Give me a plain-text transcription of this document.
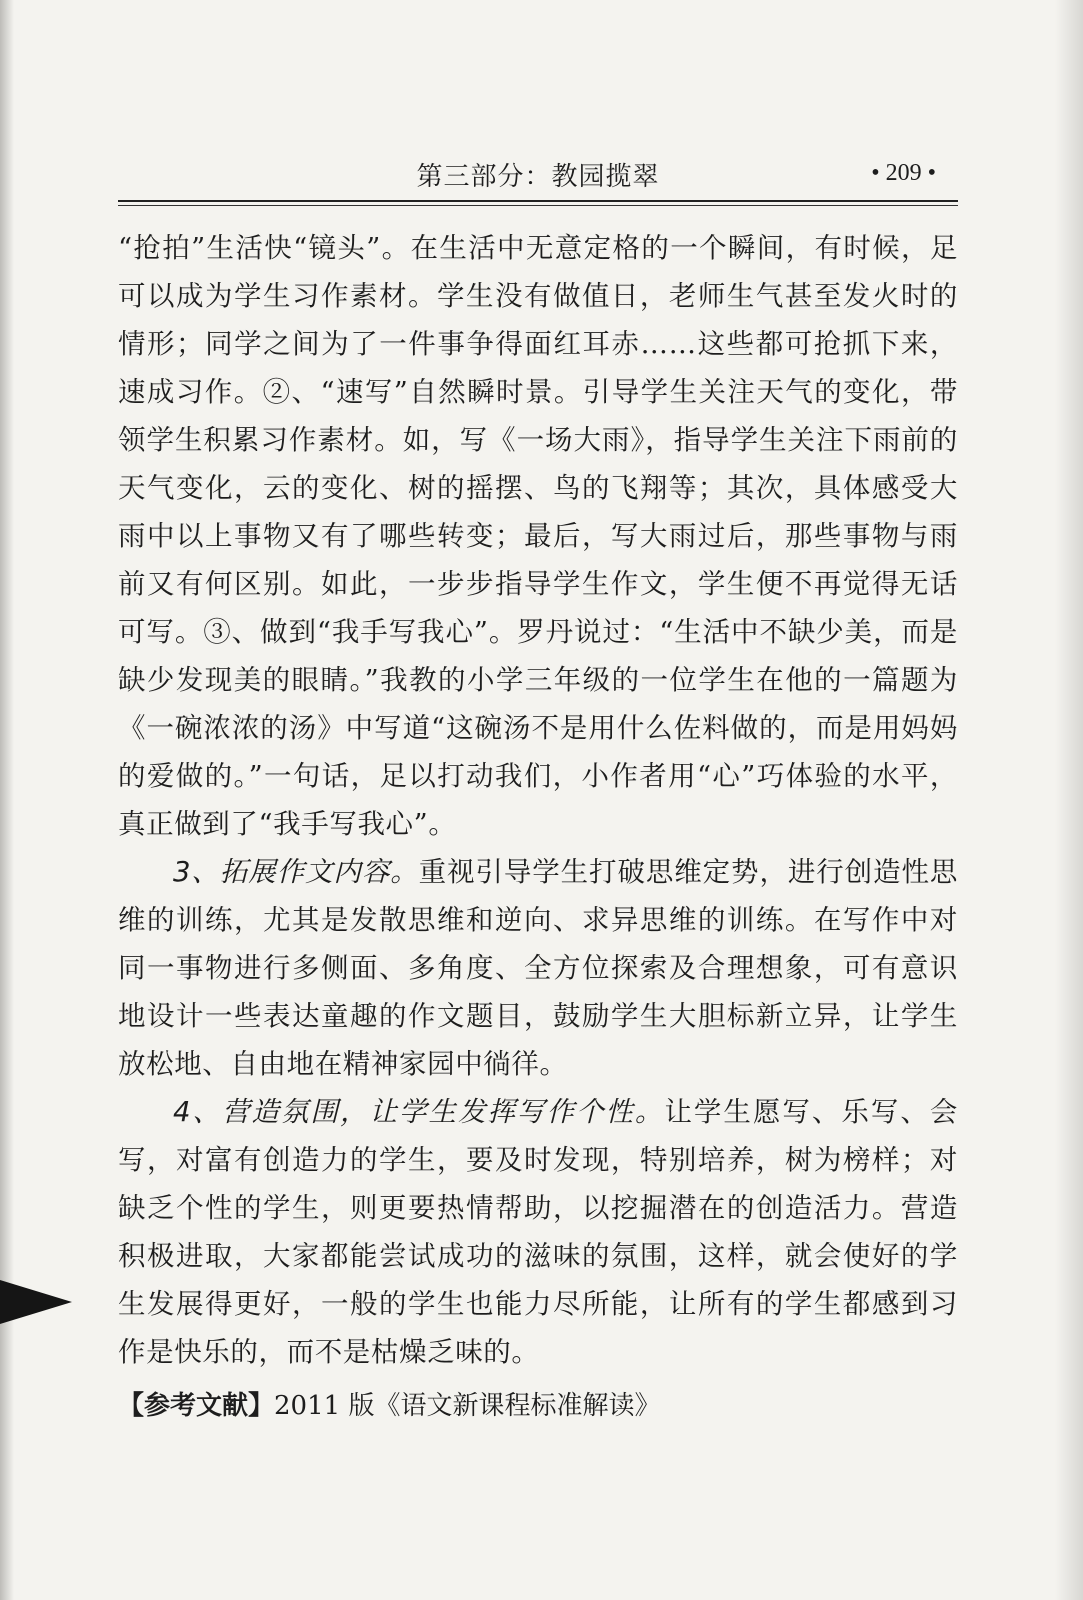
第三部分：教园揽翠	• 209 •

“抢拍”生活快“镜头”。在生活中无意定格的一个瞬间，有时候，足可以成为学生习作素材。学生没有做值日，老师生气甚至发火时的情形；同学之间为了一件事争得面红耳赤……这些都可抢抓下来，速成习作。②、“速写”自然瞬时景。引导学生关注天气的变化，带领学生积累习作素材。如，写《一场大雨》，指导学生关注下雨前的天气变化，云的变化、树的摇摆、鸟的飞翔等；其次，具体感受大雨中以上事物又有了哪些转变；最后，写大雨过后，那些事物与雨前又有何区别。如此，一步步指导学生作文，学生便不再觉得无话可写。③、做到“我手写我心”。罗丹说过：“生活中不缺少美，而是缺少发现美的眼睛。”我教的小学三年级的一位学生在他的一篇题为《一碗浓浓的汤》中写道“这碗汤不是用什么佐料做的，而是用妈妈的爱做的。”一句话，足以打动我们，小作者用“心”巧体验的水平，真正做到了“我手写我心”。

3、拓展作文内容。重视引导学生打破思维定势，进行创造性思维的训练，尤其是发散思维和逆向、求异思维的训练。在写作中对同一事物进行多侧面、多角度、全方位探索及合理想象，可有意识地设计一些表达童趣的作文题目，鼓励学生大胆标新立异，让学生放松地、自由地在精神家园中徜徉。

4、营造氛围，让学生发挥写作个性。让学生愿写、乐写、会写，对富有创造力的学生，要及时发现，特别培养，树为榜样；对缺乏个性的学生，则更要热情帮助，以挖掘潜在的创造活力。营造积极进取，大家都能尝试成功的滋味的氛围，这样，就会使好的学生发展得更好，一般的学生也能力尽所能，让所有的学生都感到习作是快乐的，而不是枯燥乏味的。

【参考文献】2011 版《语文新课程标准解读》
